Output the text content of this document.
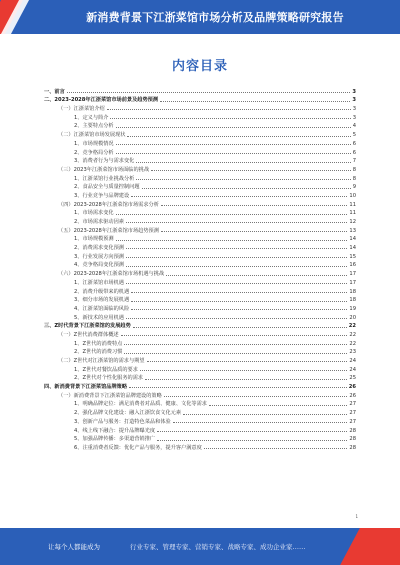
新消费背景下江浙菜馆市场分析及品牌策略研究报告
内容目录
一、前言	3
二、2023-2028年江浙菜馆市场前景及趋势预测	3
（一）江浙菜馆介绍	3
1、定义与简介	3
2、主要特点分析	4
（二）江浙菜馆市场发展现状	5
1、市场规模情况	6
2、竞争格局分析	6
3、消费者行为与需求变化	7
（三）2023年江浙菜馆市场面临的挑战	8
1、江浙菜馆行业挑战分析	8
2、食品安全与质量控制问题	9
3、行业竞争与品牌建设	10
（四）2023-2028年江浙菜馆市场需求分析	11
1、市场需求变化	11
2、市场需求驱动因素	12
（五）2023-2028年江浙菜馆市场趋势预测	13
1、市场规模预测	14
2、消费需求变化预测	14
3、行业发展方向预测	15
4、竞争格局变化预测	16
（六）2023-2028年江浙菜馆市场机遇与挑战	17
1、江浙菜馆市场机遇	17
2、消费升级带来的机遇	18
3、细分市场的发展机遇	18
4、江浙菜馆面临的风险	19
5、新技术的应用机遇	20
三、Z时代背景下江浙菜馆的发展趋势	22
（一）Z世代消费群体概述	22
1、Z世代的消费特点	22
2、Z世代的消费习惯	23
（二）Z世代对江浙菜馆的需求与期望	24
1、Z世代对餐饮品质的要求	24
2、Z世代对个性化服务的需求	25
四、新消费背景下江浙菜馆品牌策略	26
（一）新消费背景下江浙菜馆品牌建设的策略	26
1、明确品牌定位：满足消费者对品质、健康、文化等需求	27
2、强化品牌文化建设：融入江浙饮食文化元素	27
3、创新产品与服务：打造特色菜品和体验	27
4、线上线下融合：提升品牌曝光度	28
5、加强品牌传播：多渠道营销推广	28
6、注重消费者反馈：优化产品与服务，提升客户满意度	28
1
让每个人都能成为	行业专家、管理专家、营销专家、战略专家、成功企业家……
